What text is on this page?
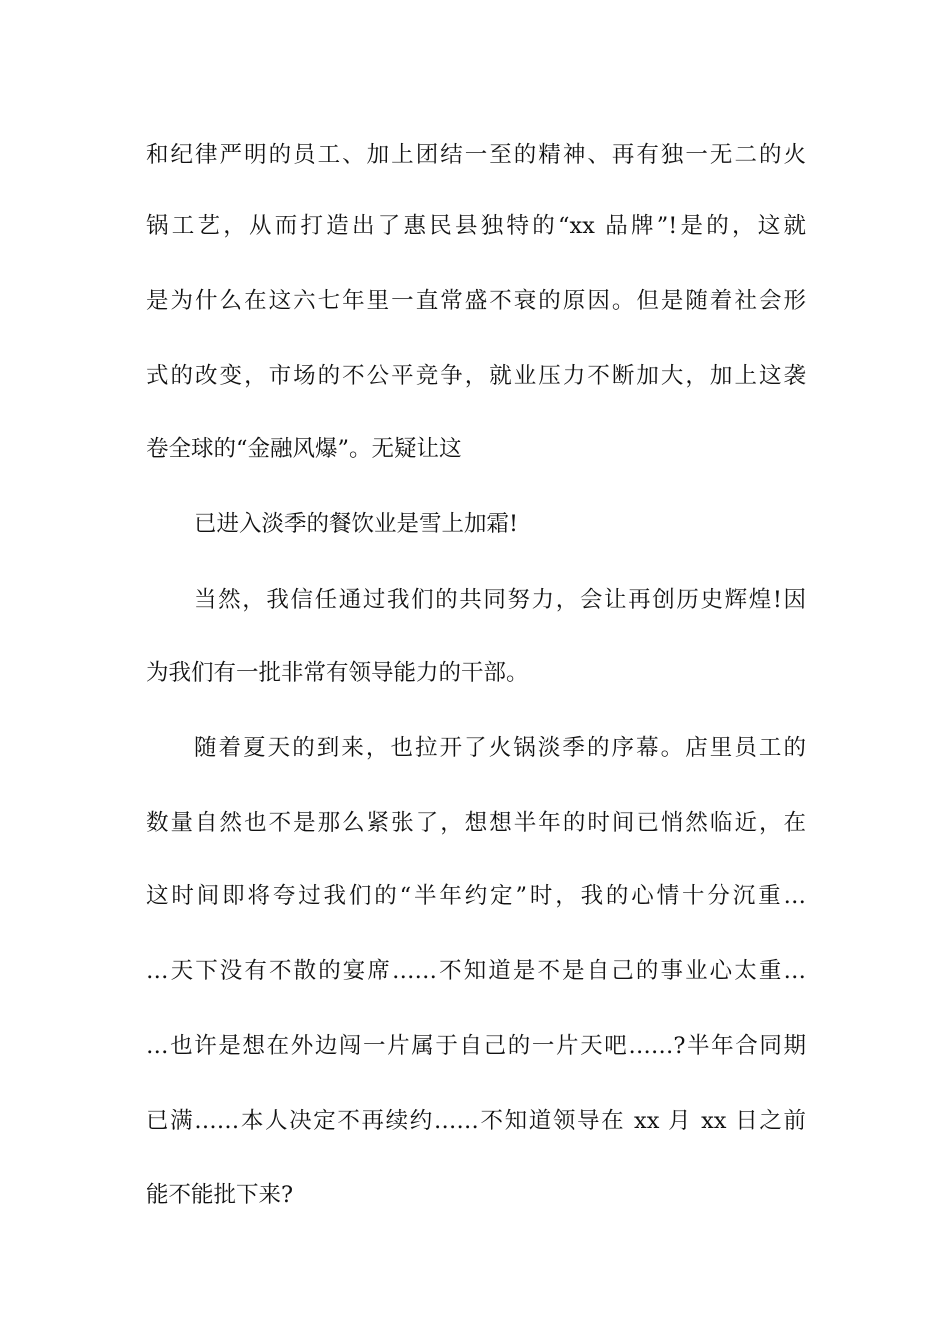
和纪律严明的员工、加上团结一至的精神、再有独一无二的火
锅工艺，从而打造出了惠民县独特的“xx 品牌”!是的，这就
是为什么在这六七年里一直常盛不衰的原因。但是随着社会形
式的改变，市场的不公平竞争，就业压力不断加大，加上这袭
卷全球的“金融风爆”。无疑让这
已进入淡季的餐饮业是雪上加霜!
当然，我信任通过我们的共同努力，会让再创历史辉煌!因
为我们有一批非常有领导能力的干部。
随着夏天的到来，也拉开了火锅淡季的序幕。店里员工的
数量自然也不是那么紧张了，想想半年的时间已悄然临近，在
这时间即将夸过我们的“半年约定”时，我的心情十分沉重…
…天下没有不散的宴席……不知道是不是自己的事业心太重…
…也许是想在外边闯一片属于自己的一片天吧……?半年合同期
已满……本人决定不再续约……不知道领导在 xx 月 xx 日之前
能不能批下来?
